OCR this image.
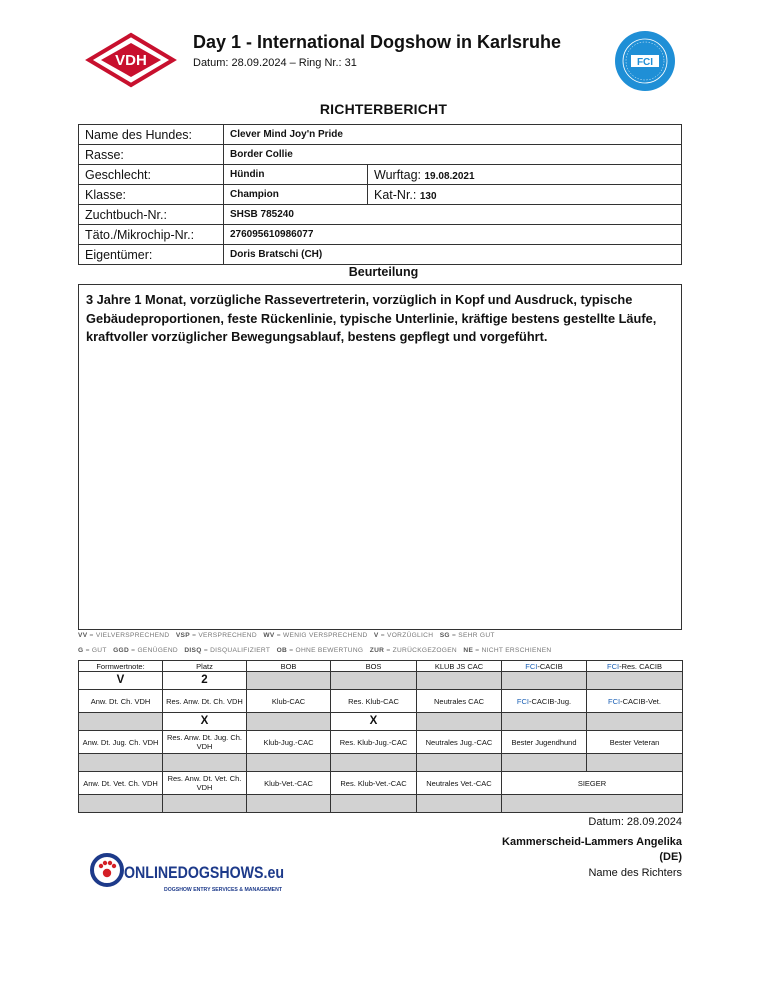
VDH
Day 1 - International Dogshow in Karlsruhe
Datum: 28.09.2024 – Ring Nr.: 31	FCI
RICHTERBERICHT
Name des Hundes:	Clever Mind Joy'n Pride	
Rasse:	Border Collie	
Geschlecht:	Hündin	Wurftag: 19.08.2021
Klasse:	Champion	Kat-Nr.: 130
Zuchtbuch-Nr.:	SHSB 785240	
Täto./Mikrochip-Nr.:	276095610986077	
Eigentümer:	Doris Bratschi (CH)	
Beurteilung
3 Jahre 1 Monat, vorzügliche Rassevertreterin, vorzüglich in Kopf und Ausdruck, typische Gebäudeproportionen, feste Rückenlinie, typische Unterlinie, kräftige bestens gestellte Läufe, kraftvoller vorzüglicher Bewegungsablauf, bestens gepflegt und vorgeführt.
VV = VIELVERSPRECHEND VSP = VERSPRECHEND WV = WENIG VERSPRECHEND V = VORZÜGLICH SG = SEHR GUT
G = GUT GGD = GENÜGEND DISQ = DISQUALIFIZIERT OB = OHNE BEWERTUNG ZUR = ZURÜCKGEZOGEN NE = NICHT ERSCHIENEN
Formwertnote:	Platz	BOB	BOS	KLUB JS CAC	FCI-CACIB	FCI-Res. CACIB
V	2					
Anw. Dt. Ch. VDH	Res. Anw. Dt. Ch. VDH	Klub-CAC	Res. Klub-CAC	Neutrales CAC	FCI-CACIB-Jug.	FCI-CACIB-Vet.
	X		X			
Anw. Dt. Jug. Ch. VDH	Res. Anw. Dt. Jug. Ch. VDH	Klub-Jug.-CAC	Res. Klub-Jug.-CAC	Neutrales Jug.-CAC	Bester Jugendhund	Bester Veteran

Anw. Dt. Vet. Ch. VDH	Res. Anw. Dt. Vet. Ch. VDH	Klub-Vet.-CAC	Res. Klub-Vet.-CAC	Neutrales Vet.-CAC	SIEGER	

Datum: 28.09.2024
Kammerscheid-Lammers Angelika
(DE)
Name des Richters
ONLINEDOGSHOWS.eu
DOGSHOW ENTRY SERVICES & MANAGEMENT
